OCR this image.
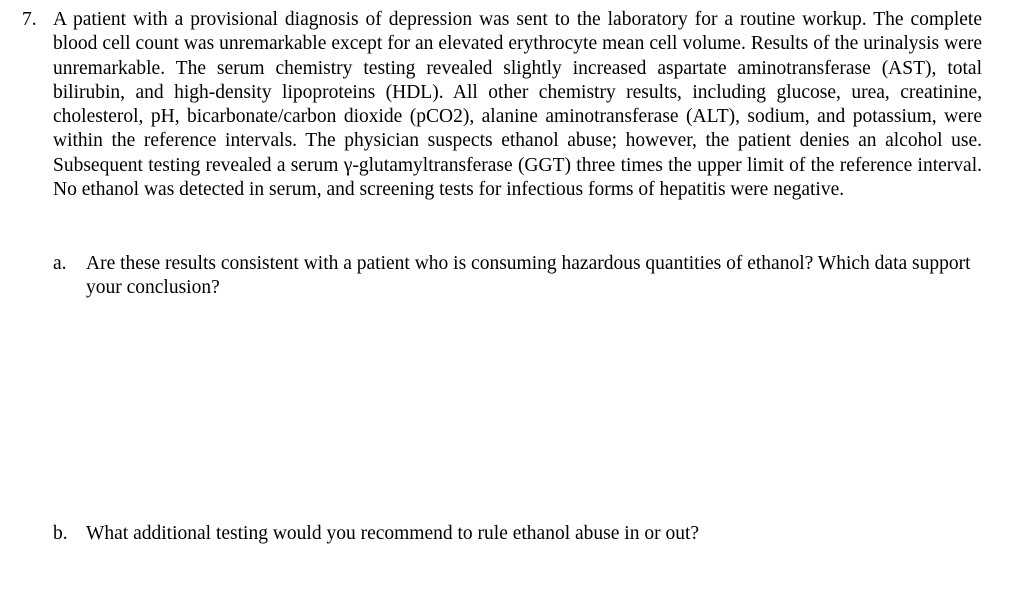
7. A patient with a provisional diagnosis of depression was sent to the laboratory for a routine workup. The complete blood cell count was unremarkable except for an elevated erythrocyte mean cell volume. Results of the urinalysis were unremarkable. The serum chemistry testing revealed slightly increased aspartate aminotransferase (AST), total bilirubin, and high-density lipoproteins (HDL). All other chemistry results, including glucose, urea, creatinine, cholesterol, pH, bicarbonate/carbon dioxide (pCO2), alanine aminotransferase (ALT), sodium, and potassium, were within the reference intervals. The physician suspects ethanol abuse; however, the patient denies an alcohol use. Subsequent testing revealed a serum γ-glutamyltransferase (GGT) three times the upper limit of the reference interval. No ethanol was detected in serum, and screening tests for infectious forms of hepatitis were negative.
a. Are these results consistent with a patient who is consuming hazardous quantities of ethanol? Which data support your conclusion?
b. What additional testing would you recommend to rule ethanol abuse in or out?
